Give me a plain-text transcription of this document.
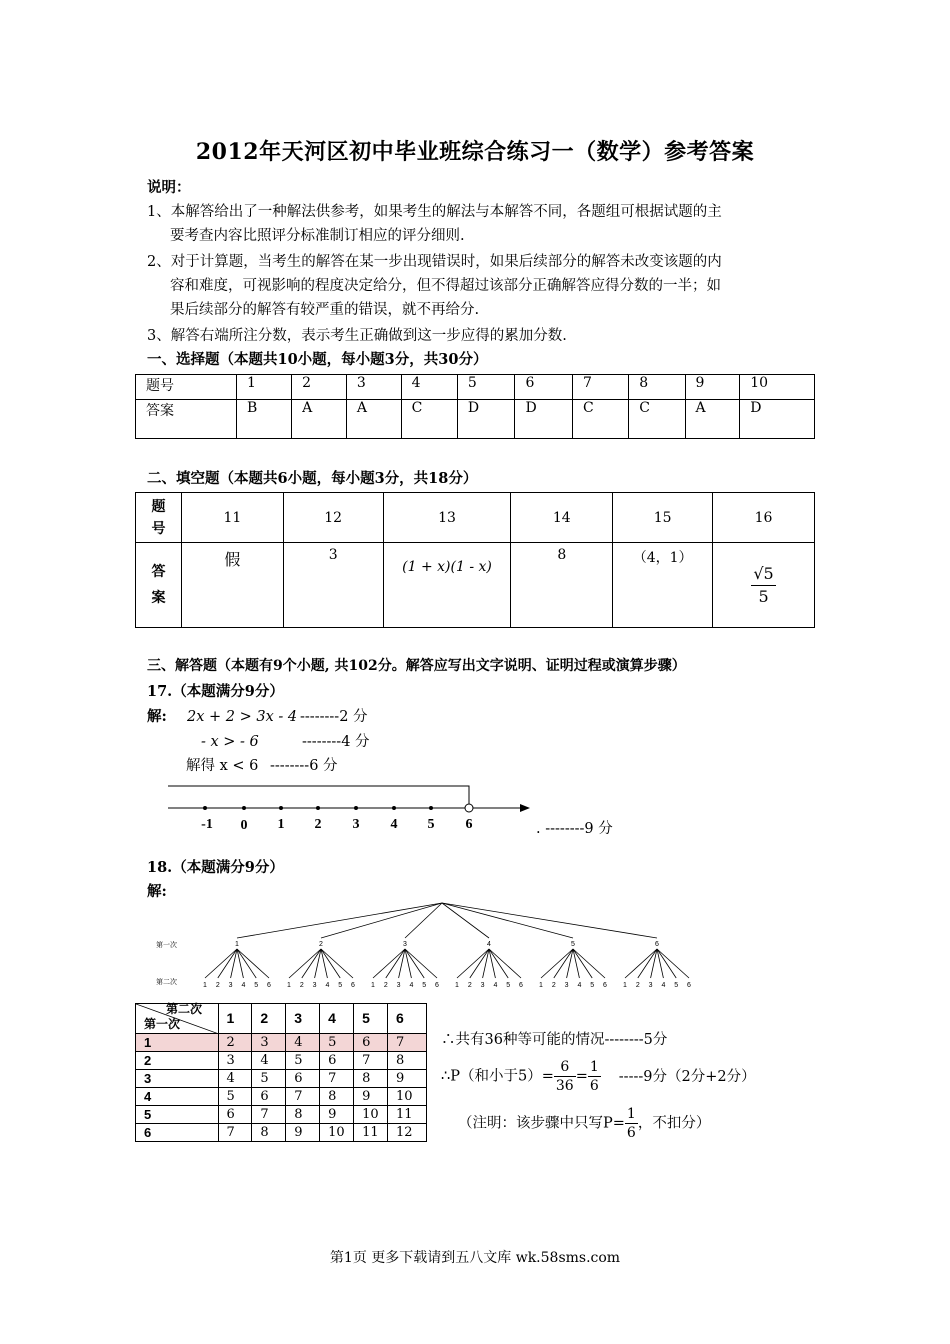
2012年天河区初中毕业班综合练习一（数学）参考答案
说明：
1、本解答给出了一种解法供参考，如果考生的解法与本解答不同，各题组可根据试题的主
要考查内容比照评分标准制订相应的评分细则.
2、对于计算题，当考生的解答在某一步出现错误时，如果后续部分的解答未改变该题的内
容和难度，可视影响的程度决定给分，但不得超过该部分正确解答应得分数的一半；如
果后续部分的解答有较严重的错误，就不再给分.
3、解答右端所注分数，表示考生正确做到这一步应得的累加分数.
一、选择题（本题共10小题，每小题3分，共30分）
题号	1	2	3	4	5	6	7	8	9	10
答案	B	A	A	C	D	D	C	C	A	D
二、填空题（本题共6小题，每小题3分，共18分）
题
号	11	12	13	14	15	16
答
案	假	3	(1 + x)(1 - x)	8	（4，1）	$\frac{√5}{5}$
三、解答题（本题有9个小题, 共102分。解答应写出文字说明、证明过程或演算步骤）
17.（本题满分9分）
解: 2x + 2 > 3x - 4 --------2 分
- x > - 6	--------4 分
解得 x < 6 --------6 分
-1 0 1 2 3 4 5 6	. --------9 分
18.（本题满分9分）
解:
第一次
第二次
1
1 2 3 4 5 6
2
1 2 3 4 5 6
3
1 2 3 4 5 6
4
1 2 3 4 5 6
5
1 2 3 4 5 6
6
1 2 3 4 5 6
第二次
第一次	1	2	3	4	5	6
1	2	3	4	5	6	7
2	3	4	5	6	7	8
3	4	5	6	7	8	9
4	5	6	7	8	9	10
5	6	7	8	9	10	11
6	7	8	9	10	11	12
∴共有36种等可能的情况--------5分
∴P（和小于$5)= \frac{6}{36} = \frac{1}{6} -----9$分（2分+2分）
（注明：该步骤中只写$P= \frac{1}{6}$ ，不扣分）
第1页 更多下载请到五八文库 wk.58sms.com
